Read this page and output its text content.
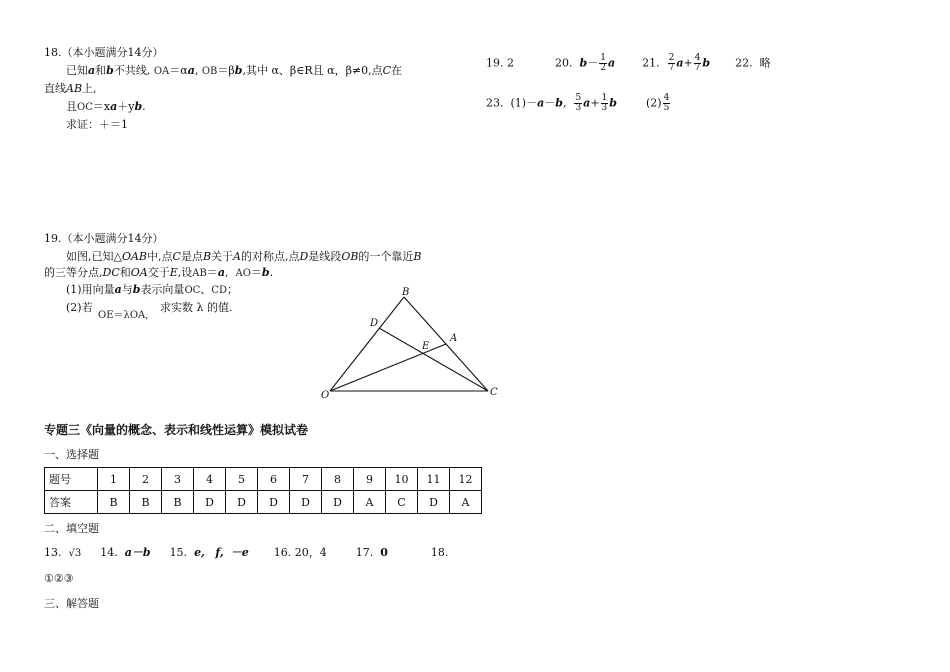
18.（本小题满分14分）
已知a和b不共线, OA＝αa, OB＝βb,其中 α、β∈R且 α，β≠0,点C在
直线AB上,
且OC＝xa＋yb.
求证：＋＝1
19. 2	20. $b- \frac{1}{2}$ a 21. $\frac{2}{7} a+ \frac{4}{7}$ b 22. 略
23. (1)－a－b, $\frac{5}{3} a+ \frac{1}{3}$ b	$(2) \frac{4}{5}$
19.（本小题满分14分）
如图,已知△OAB中,点C是点B关于A的对称点,点D是线段OB的一个靠近B
的三等分点,DC和OA交于E,设AB＝a, AO＝b.
(1)用向量a与b表示向量OC、CD；
(2)若
OE＝λOA,
求实数 λ 的值.
B
D
A
E
O	C
专题三《向量的概念、表示和线性运算》模拟试卷
一、选择题
题号	1	2	3	4	5	6	7	8	9	10	11	12
答案	B	B	B	D	D	D	D	D	A	C	D	A
二、填空题
13. √3 14. a－b 15. e, f, －e 16. 20，4	17. 0	18.
①②③
三、解答题
